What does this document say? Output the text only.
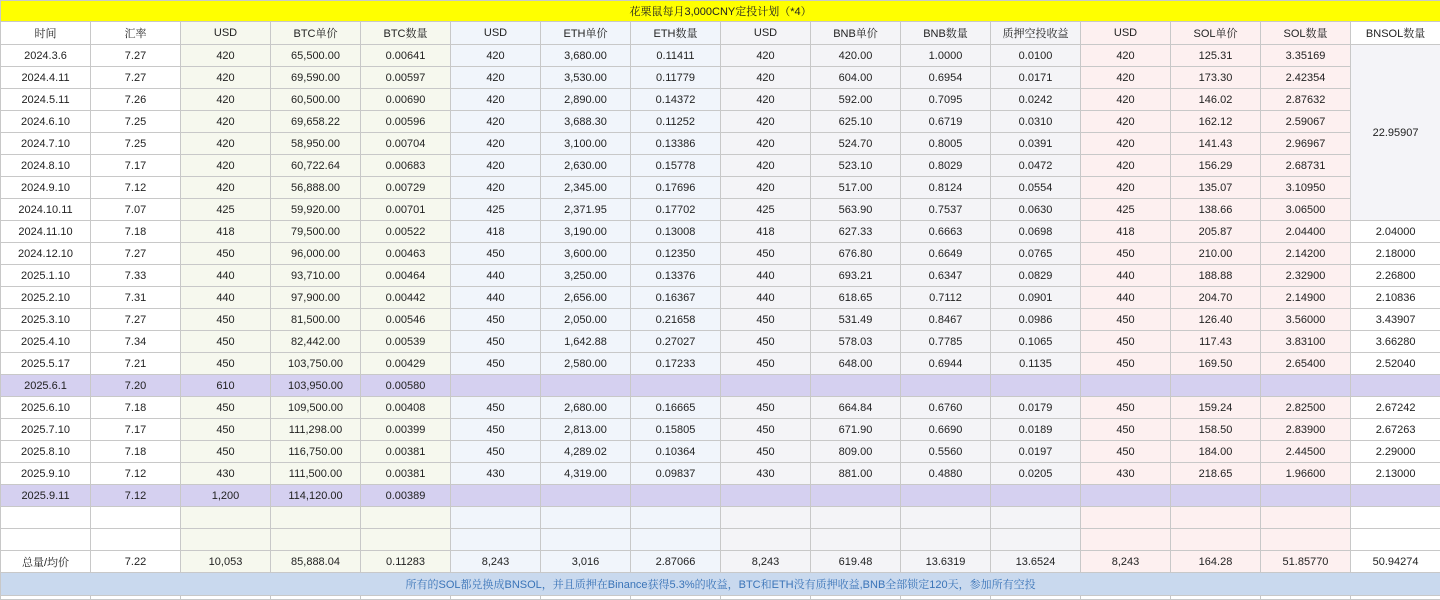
花栗鼠每月3,000CNY定投计划（*4）															
时间	汇率	USD	BTC单价	BTC数量	USD	ETH单价	ETH数量	USD	BNB单价	BNB数量	质押空投收益	USD	SOL单价	SOL数量	BNSOL数量
2024.3.6	7.27	420	65,500.00	0.00641	420	3,680.00	0.11411	420	420.00	1.0000	0.0100	420	125.31	3.35169	22.95907
2024.4.11	7.27	420	69,590.00	0.00597	420	3,530.00	0.11779	420	604.00	0.6954	0.0171	420	173.30	2.42354	
2024.5.11	7.26	420	60,500.00	0.00690	420	2,890.00	0.14372	420	592.00	0.7095	0.0242	420	146.02	2.87632	
2024.6.10	7.25	420	69,658.22	0.00596	420	3,688.30	0.11252	420	625.10	0.6719	0.0310	420	162.12	2.59067	
2024.7.10	7.25	420	58,950.00	0.00704	420	3,100.00	0.13386	420	524.70	0.8005	0.0391	420	141.43	2.96967	
2024.8.10	7.17	420	60,722.64	0.00683	420	2,630.00	0.15778	420	523.10	0.8029	0.0472	420	156.29	2.68731	
2024.9.10	7.12	420	56,888.00	0.00729	420	2,345.00	0.17696	420	517.00	0.8124	0.0554	420	135.07	3.10950	
2024.10.11	7.07	425	59,920.00	0.00701	425	2,371.95	0.17702	425	563.90	0.7537	0.0630	425	138.66	3.06500	
2024.11.10	7.18	418	79,500.00	0.00522	418	3,190.00	0.13008	418	627.33	0.6663	0.0698	418	205.87	2.04400	2.04000
2024.12.10	7.27	450	96,000.00	0.00463	450	3,600.00	0.12350	450	676.80	0.6649	0.0765	450	210.00	2.14200	2.18000
2025.1.10	7.33	440	93,710.00	0.00464	440	3,250.00	0.13376	440	693.21	0.6347	0.0829	440	188.88	2.32900	2.26800
2025.2.10	7.31	440	97,900.00	0.00442	440	2,656.00	0.16367	440	618.65	0.7112	0.0901	440	204.70	2.14900	2.10836
2025.3.10	7.27	450	81,500.00	0.00546	450	2,050.00	0.21658	450	531.49	0.8467	0.0986	450	126.40	3.56000	3.43907
2025.4.10	7.34	450	82,442.00	0.00539	450	1,642.88	0.27027	450	578.03	0.7785	0.1065	450	117.43	3.83100	3.66280
2025.5.17	7.21	450	103,750.00	0.00429	450	2,580.00	0.17233	450	648.00	0.6944	0.1135	450	169.50	2.65400	2.52040
2025.6.1	7.20	610	103,950.00	0.00580											
2025.6.10	7.18	450	109,500.00	0.00408	450	2,680.00	0.16665	450	664.84	0.6760	0.0179	450	159.24	2.82500	2.67242
2025.7.10	7.17	450	111,298.00	0.00399	450	2,813.00	0.15805	450	671.90	0.6690	0.0189	450	158.50	2.83900	2.67263
2025.8.10	7.18	450	116,750.00	0.00381	450	4,289.02	0.10364	450	809.00	0.5560	0.0197	450	184.00	2.44500	2.29000
2025.9.10	7.12	430	111,500.00	0.00381	430	4,319.00	0.09837	430	881.00	0.4880	0.0205	430	218.65	1.96600	2.13000
2025.9.11	7.12	1,200	114,120.00	0.00389											

总量/均价	7.22	10,053	85,888.04	0.11283	8,243	3,016	2.87066	8,243	619.48	13.6319	13.6524	8,243	164.28	51.85770	50.94274
所有的SOL都兑换成BNSOL，并且质押在Binance获得5.3%的收益，BTC和ETH没有质押收益,BNB全部锁定120天，参加所有空投															
